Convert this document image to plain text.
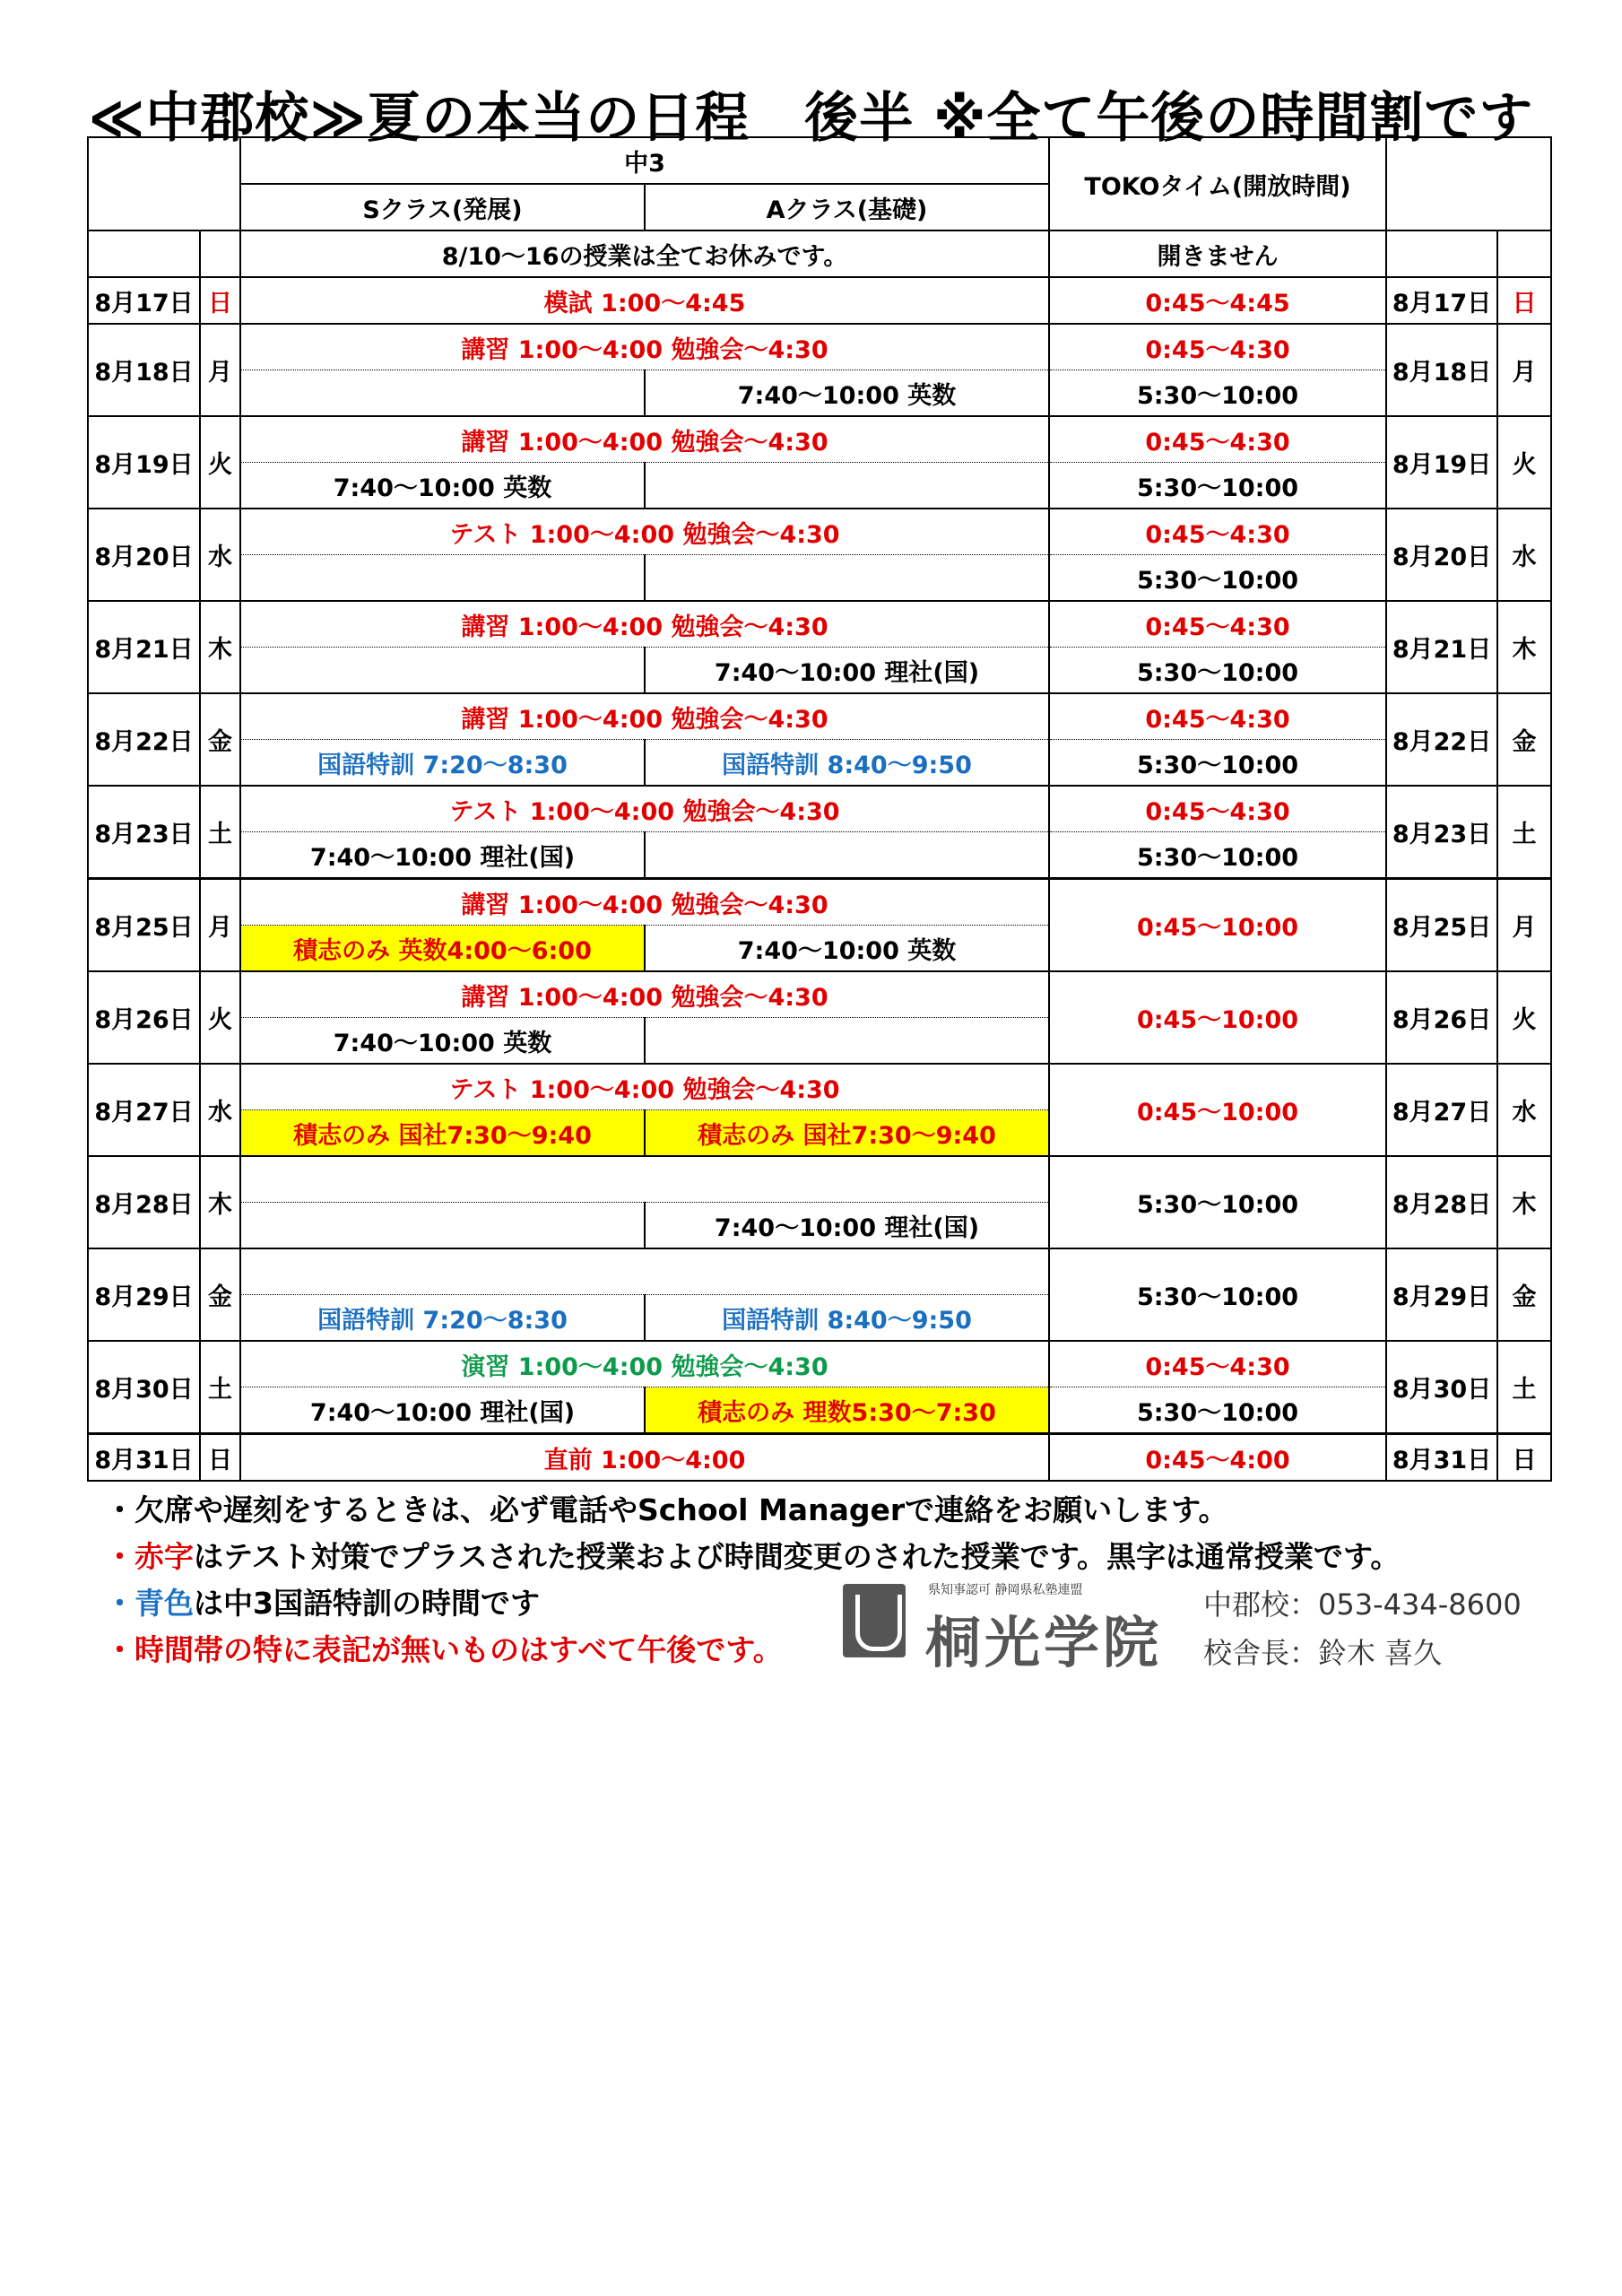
≪中郡校≫夏の本当の日程　後半 ※全て午後の時間割です
		中3		TOKOタイム(開放時間)		
		Sクラス(発展)	Aクラス(基礎)			
		8/10～16の授業は全てお休みです。		開きません		
8月17日	日	模試 1:00～4:45		0:45～4:45	8月17日	日
8月18日	月	講習 1:00～4:00 勉強会～4:30		0:45～4:30	8月18日	月
			7:40～10:00 英数	5:30～10:00		
8月19日	火	講習 1:00～4:00 勉強会～4:30		0:45～4:30	8月19日	火
		7:40～10:00 英数		5:30～10:00		
8月20日	水	テスト 1:00～4:00 勉強会～4:30		0:45～4:30	8月20日	水
				5:30～10:00		
8月21日	木	講習 1:00～4:00 勉強会～4:30		0:45～4:30	8月21日	木
			7:40～10:00 理社(国)	5:30～10:00		
8月22日	金	講習 1:00～4:00 勉強会～4:30		0:45～4:30	8月22日	金
		国語特訓 7:20～8:30	国語特訓 8:40～9:50	5:30～10:00		
8月23日	土	テスト 1:00～4:00 勉強会～4:30		0:45～4:30	8月23日	土
		7:40～10:00 理社(国)		5:30～10:00		
8月25日	月	講習 1:00～4:00 勉強会～4:30		0:45～10:00	8月25日	月
		積志のみ 英数4:00～6:00	7:40～10:00 英数			
8月26日	火	講習 1:00～4:00 勉強会～4:30		0:45～10:00	8月26日	火
		7:40～10:00 英数				
8月27日	水	テスト 1:00～4:00 勉強会～4:30		0:45～10:00	8月27日	水
		積志のみ 国社7:30～9:40	積志のみ 国社7:30～9:40			
8月28日	木			5:30～10:00	8月28日	木
			7:40～10:00 理社(国)			
8月29日	金			5:30～10:00	8月29日	金
		国語特訓 7:20～8:30	国語特訓 8:40～9:50			
8月30日	土	演習 1:00～4:00 勉強会～4:30		0:45～4:30	8月30日	土
		7:40～10:00 理社(国)	積志のみ 理数5:30～7:30	5:30～10:00		
8月31日	日	直前 1:00～4:00		0:45～4:00	8月31日	日
・欠席や遅刻をするときは、必ず電話やSchool Managerで連絡をお願いします。
・赤字はテスト対策でプラスされた授業および時間変更のされた授業です。黒字は通常授業です。
・青色は中3国語特訓の時間です
・時間帯の特に表記が無いものはすべて午後です。
県知事認可 静岡県私塾連盟
桐光学院
中郡校：053-434-8600
校舎長：鈴木 喜久
